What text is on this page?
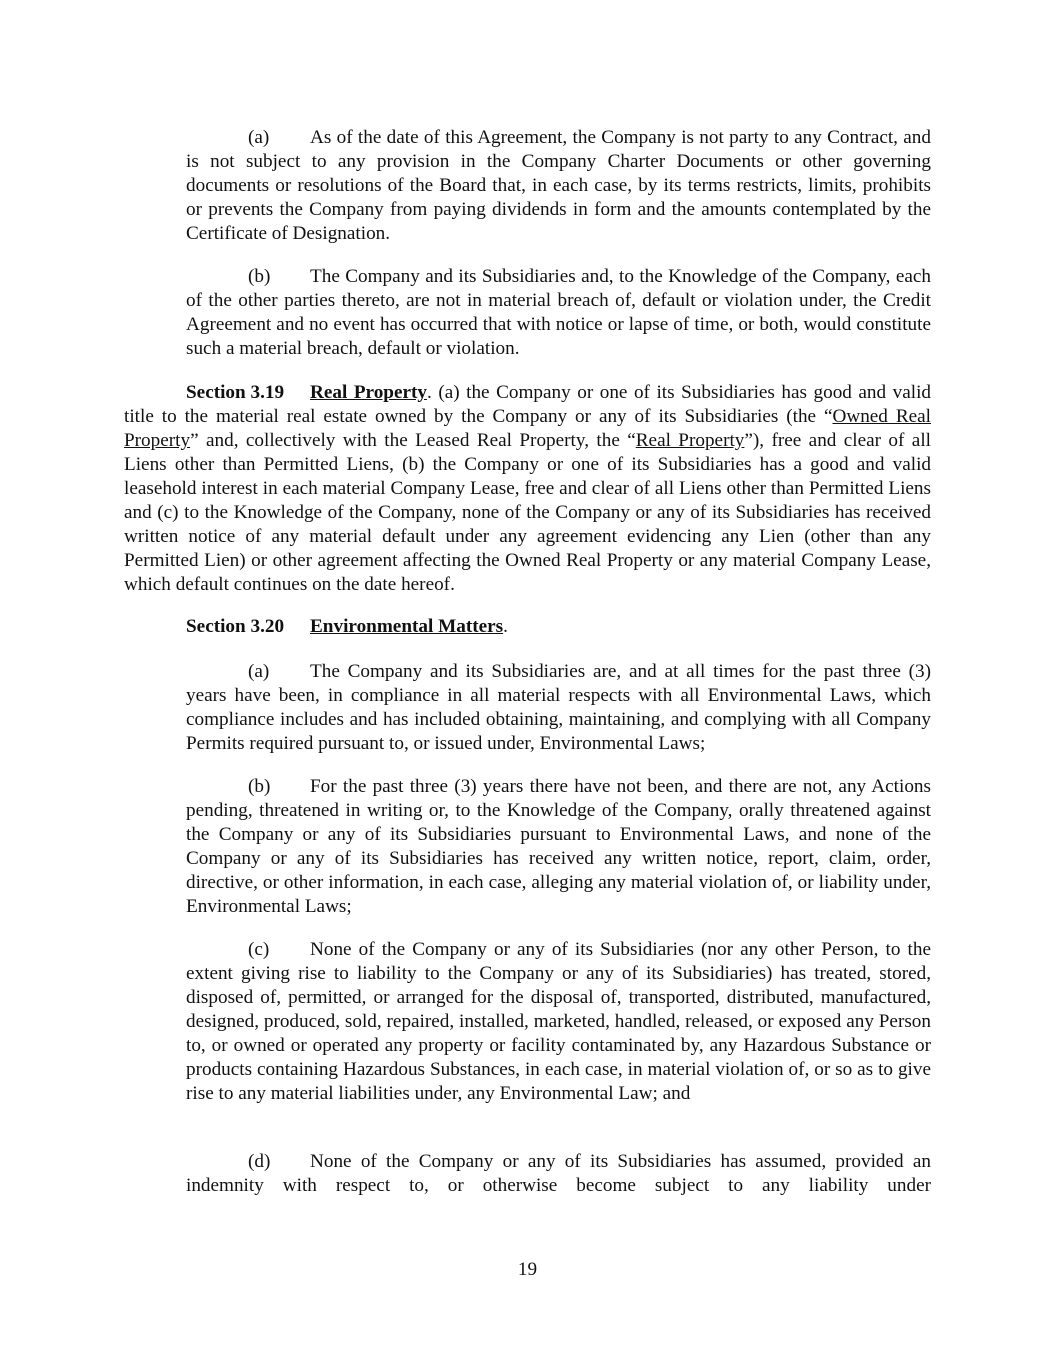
(a) As of the date of this Agreement, the Company is not party to any Contract, and is not subject to any provision in the Company Charter Documents or other governing documents or resolutions of the Board that, in each case, by its terms restricts, limits, prohibits or prevents the Company from paying dividends in form and the amounts contemplated by the Certificate of Designation.

(b) The Company and its Subsidiaries and, to the Knowledge of the Company, each of the other parties thereto, are not in material breach of, default or violation under, the Credit Agreement and no event has occurred that with notice or lapse of time, or both, would constitute such a material breach, default or violation.

Section 3.19 Real Property. (a) the Company or one of its Subsidiaries has good and valid title to the material real estate owned by the Company or any of its Subsidiaries (the “Owned Real Property” and, collectively with the Leased Real Property, the “Real Property”), free and clear of all Liens other than Permitted Liens, (b) the Company or one of its Subsidiaries has a good and valid leasehold interest in each material Company Lease, free and clear of all Liens other than Permitted Liens and (c) to the Knowledge of the Company, none of the Company or any of its Subsidiaries has received written notice of any material default under any agreement evidencing any Lien (other than any Permitted Lien) or other agreement affecting the Owned Real Property or any material Company Lease, which default continues on the date hereof.

Section 3.20 Environmental Matters.

(a) The Company and its Subsidiaries are, and at all times for the past three (3) years have been, in compliance in all material respects with all Environmental Laws, which compliance includes and has included obtaining, maintaining, and complying with all Company Permits required pursuant to, or issued under, Environmental Laws;

(b) For the past three (3) years there have not been, and there are not, any Actions pending, threatened in writing or, to the Knowledge of the Company, orally threatened against the Company or any of its Subsidiaries pursuant to Environmental Laws, and none of the Company or any of its Subsidiaries has received any written notice, report, claim, order, directive, or other information, in each case, alleging any material violation of, or liability under, Environmental Laws;

(c) None of the Company or any of its Subsidiaries (nor any other Person, to the extent giving rise to liability to the Company or any of its Subsidiaries) has treated, stored, disposed of, permitted, or arranged for the disposal of, transported, distributed, manufactured, designed, produced, sold, repaired, installed, marketed, handled, released, or exposed any Person to, or owned or operated any property or facility contaminated by, any Hazardous Substance or products containing Hazardous Substances, in each case, in material violation of, or so as to give rise to any material liabilities under, any Environmental Law; and

(d) None of the Company or any of its Subsidiaries has assumed, provided an indemnity with respect to, or otherwise become subject to any liability under

19
